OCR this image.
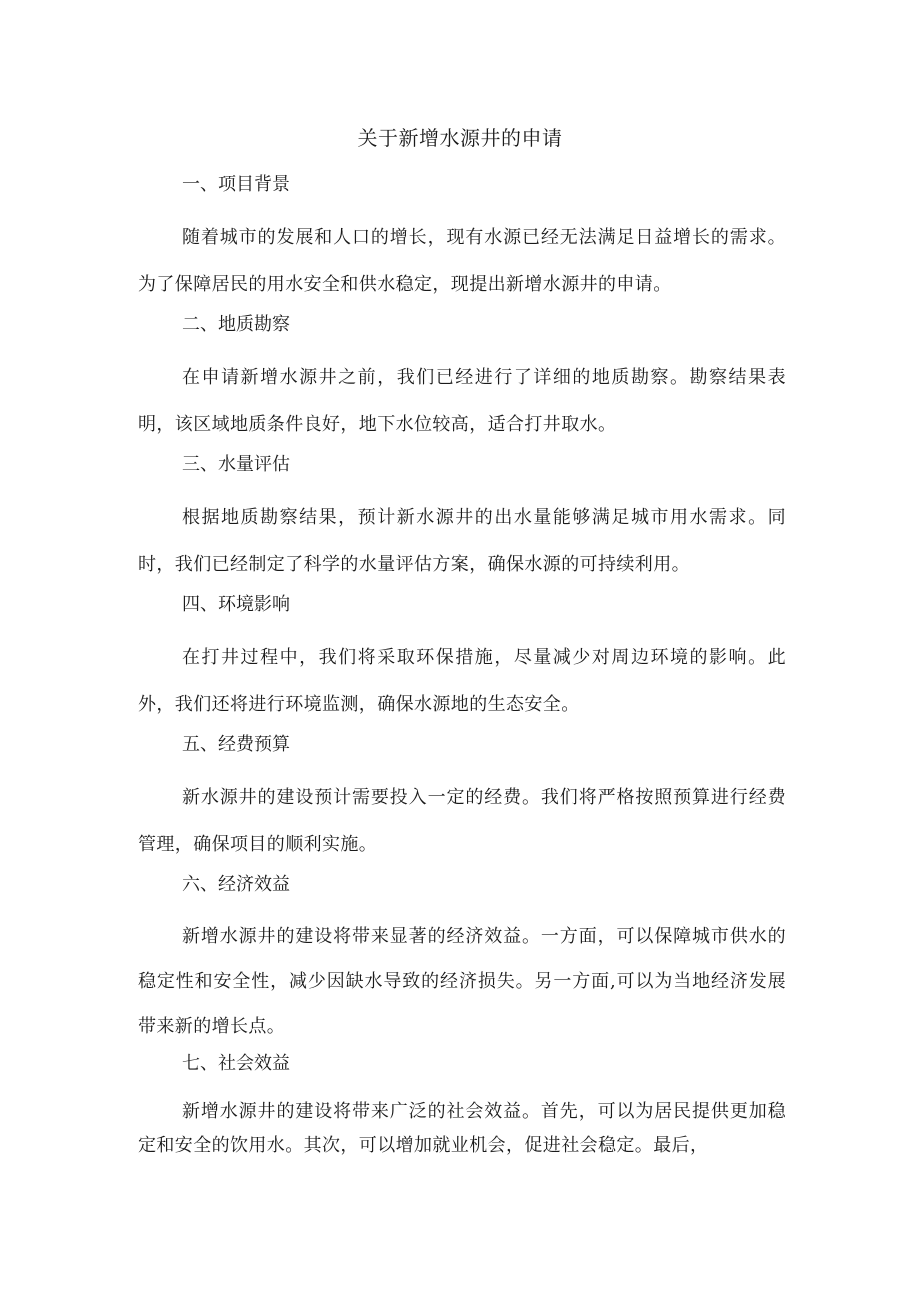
关于新增水源井的申请
一、项目背景

随着城市的发展和人口的增长，现有水源已经无法满足日益增长的需求。为了保障居民的用水安全和供水稳定，现提出新增水源井的申请。

二、地质勘察

在申请新增水源井之前，我们已经进行了详细的地质勘察。勘察结果表明，该区域地质条件良好，地下水位较高，适合打井取水。

三、水量评估

根据地质勘察结果，预计新水源井的出水量能够满足城市用水需求。同时，我们已经制定了科学的水量评估方案，确保水源的可持续利用。

四、环境影响

在打井过程中，我们将采取环保措施，尽量减少对周边环境的影响。此外，我们还将进行环境监测，确保水源地的生态安全。

五、经费预算

新水源井的建设预计需要投入一定的经费。我们将严格按照预算进行经费管理，确保项目的顺利实施。

六、经济效益

新增水源井的建设将带来显著的经济效益。一方面，可以保障城市供水的稳定性和安全性，减少因缺水导致的经济损失。另一方面,可以为当地经济发展带来新的增长点。

七、社会效益

新增水源井的建设将带来广泛的社会效益。首先，可以为居民提供更加稳定和安全的饮用水。其次，可以增加就业机会，促进社会稳定。最后，
